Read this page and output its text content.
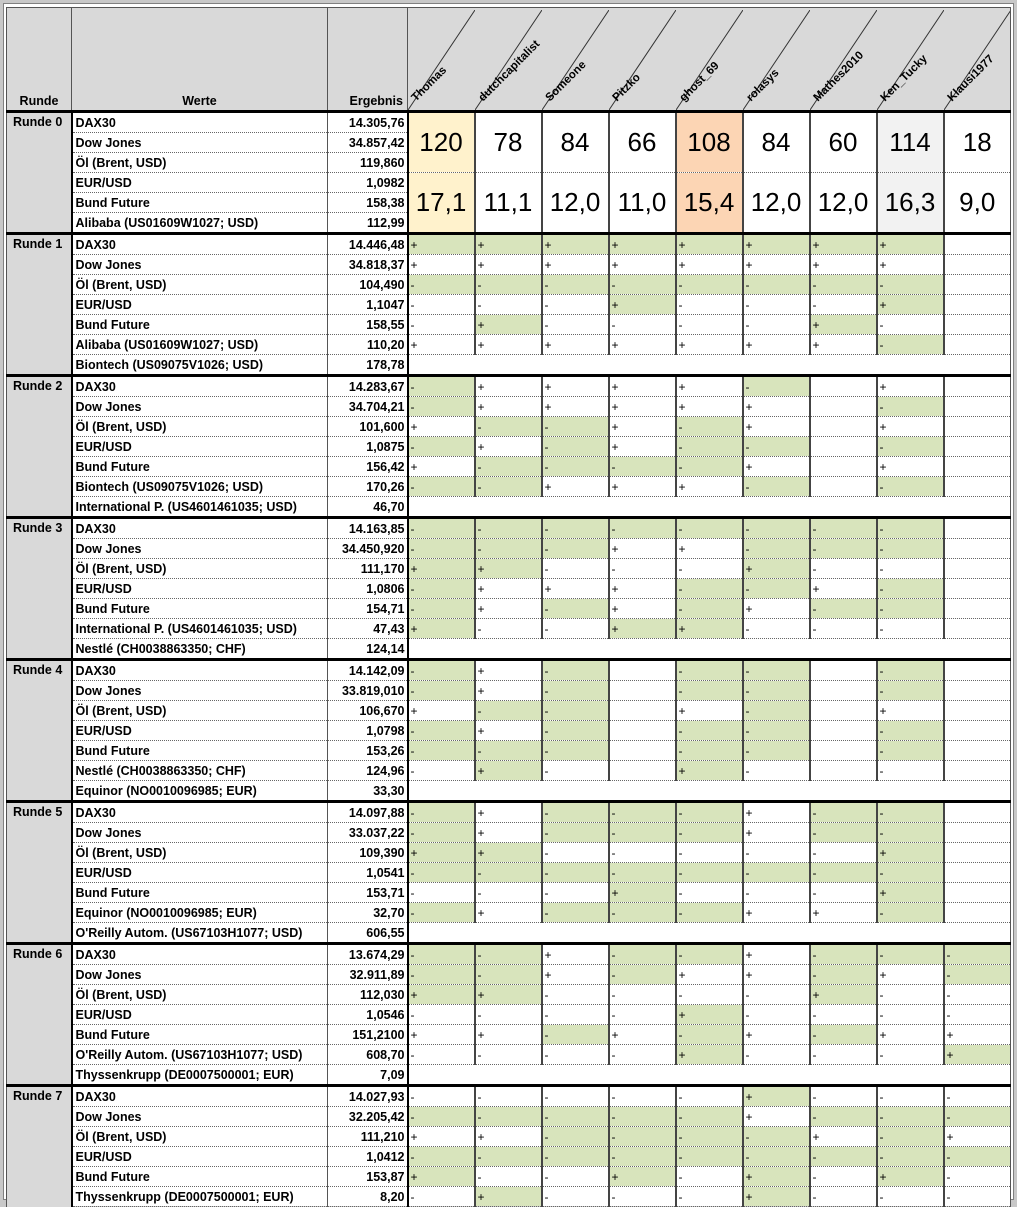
Runde	Werte	Ergebnis	Thomas	dutchcapitalist	Someone	Pitzko	ghost_69	rolasys	Mathes2010	Ken_Tucky	Klausi1977

Runde 0	DAX30	14.305,76	120	78	84	66	108	84	60	114	18
	Dow Jones	34.857,42									
	Öl (Brent, USD)	119,860									
	EUR/USD	1,0982	17,1	11,1	12,0	11,0	15,4	12,0	12,0	16,3	9,0
	Bund Future	158,38									
	Alibaba (US01609W1027; USD)	112,99									
Runde 1	DAX30	14.446,48	+	+	+	+	+	+	+	+	
	Dow Jones	34.818,37	+	+	+	+	+	+	+	+	
	Öl (Brent, USD)	104,490	-	-	-	-	-	-	-	-	
	EUR/USD	1,1047	-	-	-	+	-	-	-	+	
	Bund Future	158,55	-	+	-	-	-	-	+	-	
	Alibaba (US01609W1027; USD)	110,20	+	+	+	+	+	+	+	-	
	Biontech (US09075V1026; USD)	178,78									
Runde 2	DAX30	14.283,67	-	+	+	+	+	-		+	
	Dow Jones	34.704,21	-	+	+	+	+	+		-	
	Öl (Brent, USD)	101,600	+	-	-	+	-	+		+	
	EUR/USD	1,0875	-	+	-	+	-	-		-	
	Bund Future	156,42	+	-	-	-	-	+		+	
	Biontech (US09075V1026; USD)	170,26	-	-	+	+	+	-		-	
	International P. (US4601461035; USD)	46,70									
Runde 3	DAX30	14.163,85	-	-	-	-	-	-	-	-	
	Dow Jones	34.450,920	-	-	-	+	+	-	-	-	
	Öl (Brent, USD)	111,170	+	+	-	-	-	+	-	-	
	EUR/USD	1,0806	-	+	+	+	-	-	+	-	
	Bund Future	154,71	-	+	-	+	-	+	-	-	
	International P. (US4601461035; USD)	47,43	+	-	-	+	+	-	-	-	
	Nestlé (CH0038863350; CHF)	124,14									
Runde 4	DAX30	14.142,09	-	+	-		-	-		-	
	Dow Jones	33.819,010	-	+	-		-	-		-	
	Öl (Brent, USD)	106,670	+	-	-		+	-		+	
	EUR/USD	1,0798	-	+	-		-	-		-	
	Bund Future	153,26	-	-	-		-	-		-	
	Nestlé (CH0038863350; CHF)	124,96	-	+	-		+	-		-	
	Equinor (NO0010096985; EUR)	33,30									
Runde 5	DAX30	14.097,88	-	+	-	-	-	+	-	-	
	Dow Jones	33.037,22	-	+	-	-	-	+	-	-	
	Öl (Brent, USD)	109,390	+	+	-	-	-	-	-	+	
	EUR/USD	1,0541	-	-	-	-	-	-	-	-	
	Bund Future	153,71	-	-	-	+	-	-	-	+	
	Equinor (NO0010096985; EUR)	32,70	-	+	-	-	-	+	+	-	
	O'Reilly Autom. (US67103H1077; USD)	606,55									
Runde 6	DAX30	13.674,29	-	-	+	-	-	+	-	-	-
	Dow Jones	32.911,89	-	-	+	-	+	+	-	+	-
	Öl (Brent, USD)	112,030	+	+	-	-	-	-	+	-	-
	EUR/USD	1,0546	-	-	-	-	+	-	-	-	-
	Bund Future	151,2100	+	+	-	+	-	+	-	+	+
	O'Reilly Autom. (US67103H1077; USD)	608,70	-	-	-	-	+	-	-	-	+
	Thyssenkrupp (DE0007500001; EUR)	7,09									
Runde 7	DAX30	14.027,93	-	-	-	-	-	+	-	-	-
	Dow Jones	32.205,42	-	-	-	-	-	+	-	-	-
	Öl (Brent, USD)	111,210	+	+	-	-	-	-	+	-	+
	EUR/USD	1,0412	-	-	-	-	-	-	-	-	-
	Bund Future	153,87	+	-	-	+	-	+	-	+	-
	Thyssenkrupp (DE0007500001; EUR)	8,20	-	+	-	-	-	+	-	-	-
